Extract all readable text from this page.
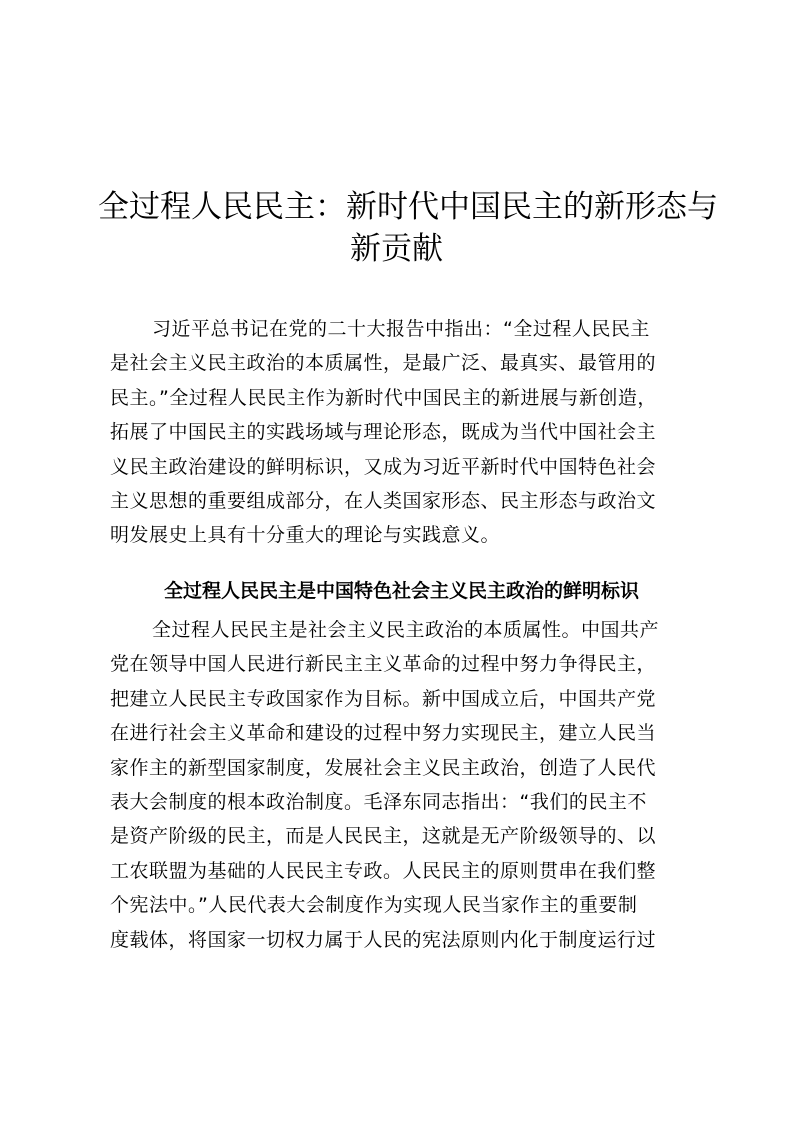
全过程人民民主：新时代中国民主的新形态与
新贡献
习近平总书记在党的二十大报告中指出：“全过程人民民主
是社会主义民主政治的本质属性，是最广泛、最真实、最管用的
民主。”全过程人民民主作为新时代中国民主的新进展与新创造，
拓展了中国民主的实践场域与理论形态，既成为当代中国社会主
义民主政治建设的鲜明标识，又成为习近平新时代中国特色社会
主义思想的重要组成部分，在人类国家形态、民主形态与政治文
明发展史上具有十分重大的理论与实践意义。
全过程人民民主是中国特色社会主义民主政治的鲜明标识
全过程人民民主是社会主义民主政治的本质属性。中国共产
党在领导中国人民进行新民主主义革命的过程中努力争得民主，
把建立人民民主专政国家作为目标。新中国成立后，中国共产党
在进行社会主义革命和建设的过程中努力实现民主，建立人民当
家作主的新型国家制度，发展社会主义民主政治，创造了人民代
表大会制度的根本政治制度。毛泽东同志指出：“我们的民主不
是资产阶级的民主，而是人民民主，这就是无产阶级领导的、以
工农联盟为基础的人民民主专政。人民民主的原则贯串在我们整
个宪法中。”人民代表大会制度作为实现人民当家作主的重要制
度载体，将国家一切权力属于人民的宪法原则内化于制度运行过
